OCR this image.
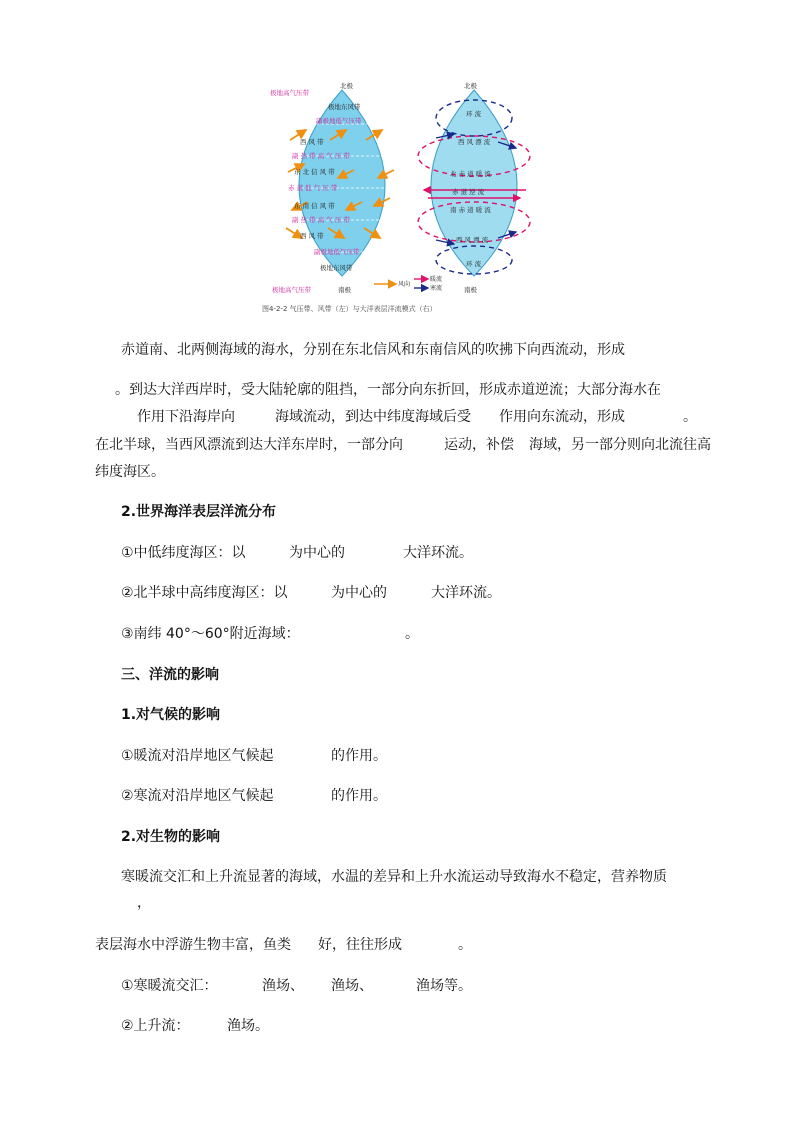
北极
极地东风带
副极地低气压带
西 风 带
副 热 带 高 气 压 带
东 北 信 风 带
赤 道 低 气 压 带
东 南 信 风 带
副 热 带 高 气 压 带
西 风 带
副极地低气压带
极地东风带
南极
极地高气压带
极地高气压带
北极
环 流
西 风 漂 流
北 赤 道 暖 流
赤 道 逆 流
南 赤 道 暖 流
西 风 漂 流
环 流
南极
风向
暖流
寒流
图4-2-2 气压带、风带（左）与大洋表层洋流模式（右）
赤道南、北两侧海域的海水，分别在东北信风和东南信风的吹拂下向西流动，形成
。到达大洋西岸时，受大陆轮廓的阻挡，一部分向东折回，形成赤道逆流；大部分海水在
作用下沿海岸向	海域流动，到达中纬度海域后受 作用向东流动，形成	。
在北半球，当西风漂流到达大洋东岸时，一部分向	运动，补偿 海域，另一部分则向北流往高
纬度海区。
2.世界海洋表层洋流分布
①中低纬度海区：以	为中心的	大洋环流。
②北半球中高纬度海区：以	为中心的	大洋环流。
③南纬 40°～60°附近海域：	。
三、洋流的影响
1.对气候的影响
①暖流对沿岸地区气候起	的作用。
②寒流对沿岸地区气候起	的作用。
2.对生物的影响
寒暖流交汇和上升流显著的海域，水温的差异和上升水流运动导致海水不稳定，营养物质
，
表层海水中浮游生物丰富，鱼类 好，往往形成	。
①寒暖流交汇：	渔场、 渔场、	渔场等。
②上升流：	渔场。
